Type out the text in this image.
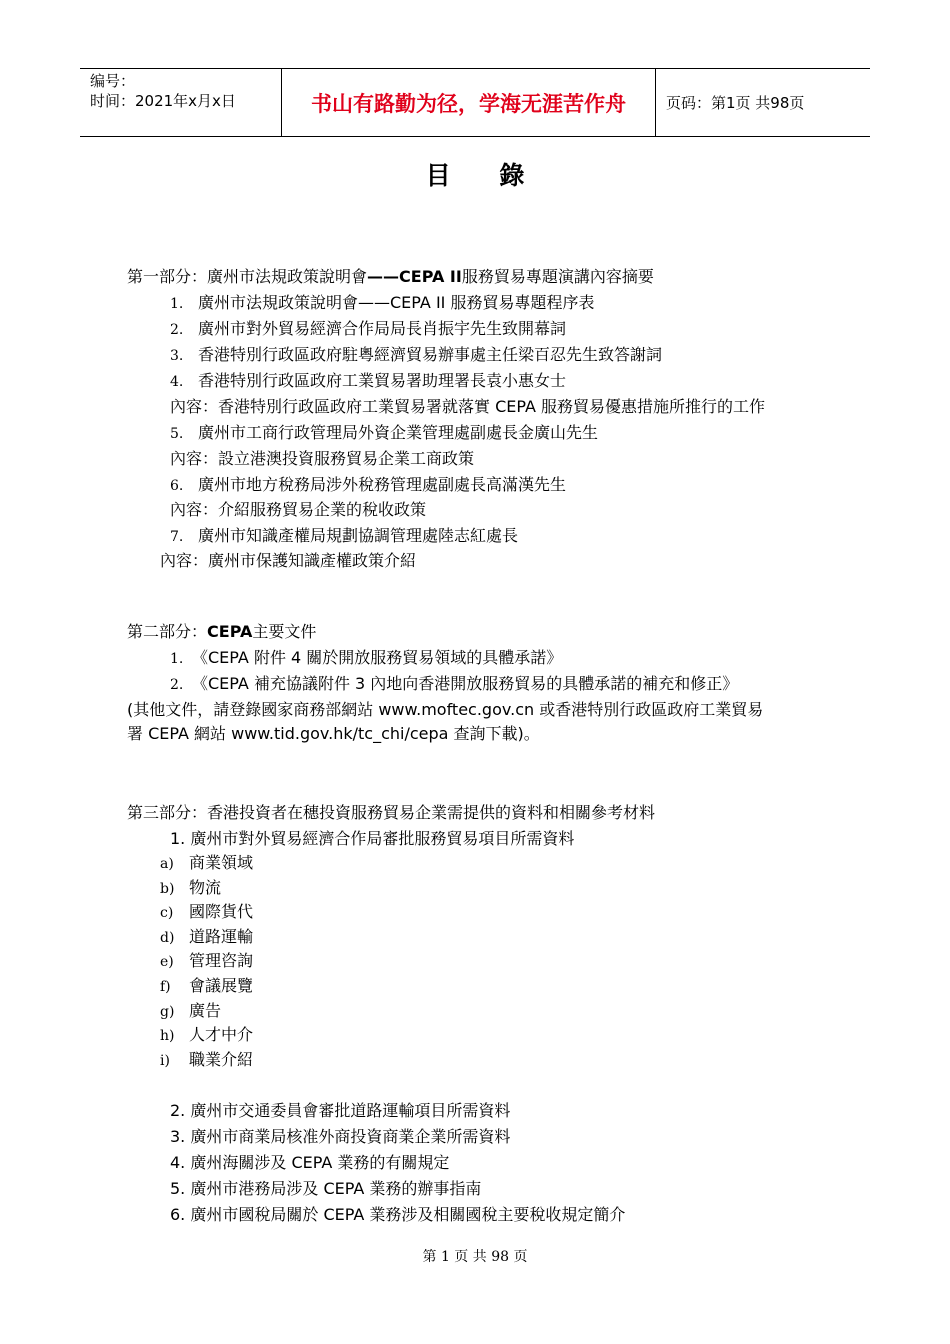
编号：
时间：2021年x月x日	书山有路勤为径，学海无涯苦作舟	页码：第1页 共98页
目 錄
第一部分：廣州市法規政策說明會——CEPA II服務貿易專題演講內容摘要
1. 廣州市法規政策說明會——CEPA II 服務貿易專題程序表
2. 廣州市對外貿易經濟合作局局長肖振宇先生致開幕詞
3. 香港特別行政區政府駐粵經濟貿易辦事處主任梁百忍先生致答謝詞
4. 香港特別行政區政府工業貿易署助理署長袁小惠女士
內容：香港特別行政區政府工業貿易署就落實 CEPA 服務貿易優惠措施所推行的工作
5. 廣州市工商行政管理局外資企業管理處副處長金廣山先生
內容：設立港澳投資服務貿易企業工商政策
6. 廣州市地方稅務局涉外稅務管理處副處長高滿漢先生
內容：介紹服務貿易企業的稅收政策
7. 廣州市知識產權局規劃協調管理處陸志紅處長
內容：廣州市保護知識產權政策介紹
第二部分：CEPA主要文件
1. 《CEPA 附件 4 關於開放服務貿易領域的具體承諾》
2. 《CEPA 補充協議附件 3 內地向香港開放服務貿易的具體承諾的補充和修正》
(其他文件，請登錄國家商務部網站 www.moftec.gov.cn 或香港特別行政區政府工業貿易
署 CEPA 網站 www.tid.gov.hk/tc_chi/cepa 查詢下載)。
第三部分：香港投資者在穗投資服務貿易企業需提供的資料和相關參考材料
1. 廣州市對外貿易經濟合作局審批服務貿易項目所需資料
a) 商業領域
b) 物流
c) 國際貨代
d) 道路運輸
e) 管理咨詢
f) 會議展覽
g) 廣告
h) 人才中介
i) 職業介紹
2. 廣州市交通委員會審批道路運輸項目所需資料
3. 廣州市商業局核准外商投資商業企業所需資料
4. 廣州海關涉及 CEPA 業務的有關規定
5. 廣州市港務局涉及 CEPA 業務的辦事指南
6. 廣州市國稅局關於 CEPA 業務涉及相關國稅主要稅收規定簡介
第 1 页 共 98 页
